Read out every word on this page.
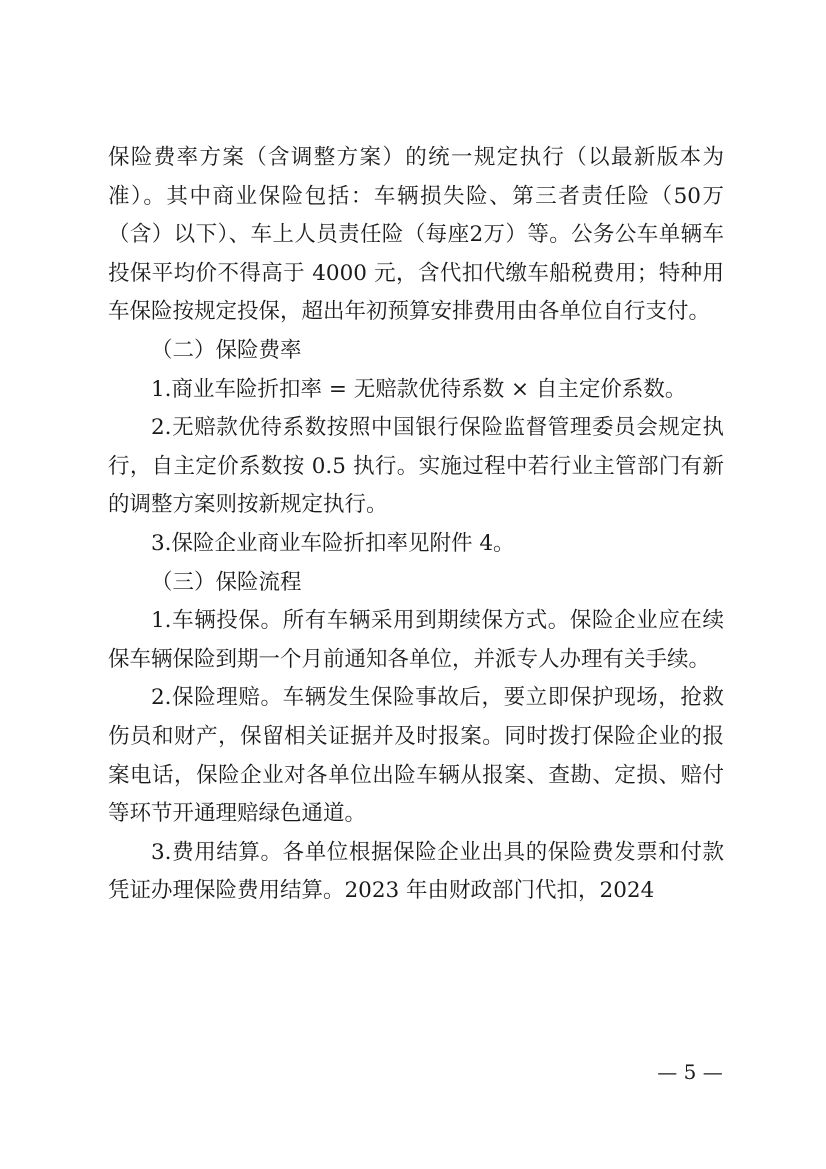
保险费率方案（含调整方案）的统一规定执行（以最新版本为准）。其中商业保险包括：车辆损失险、第三者责任险（50万（含）以下）、车上人员责任险（每座2万）等。公务公车单辆车投保平均价不得高于 4000 元，含代扣代缴车船税费用；特种用车保险按规定投保，超出年初预算安排费用由各单位自行支付。

（二）保险费率

1.商业车险折扣率 = 无赔款优待系数 × 自主定价系数。

2.无赔款优待系数按照中国银行保险监督管理委员会规定执行，自主定价系数按 0.5 执行。实施过程中若行业主管部门有新的调整方案则按新规定执行。

3.保险企业商业车险折扣率见附件 4。

（三）保险流程

1.车辆投保。所有车辆采用到期续保方式。保险企业应在续保车辆保险到期一个月前通知各单位，并派专人办理有关手续。

2.保险理赔。车辆发生保险事故后，要立即保护现场，抢救伤员和财产，保留相关证据并及时报案。同时拨打保险企业的报案电话，保险企业对各单位出险车辆从报案、查勘、定损、赔付等环节开通理赔绿色通道。

3.费用结算。各单位根据保险企业出具的保险费发票和付款凭证办理保险费用结算。2023 年由财政部门代扣，2024

— 5 —
